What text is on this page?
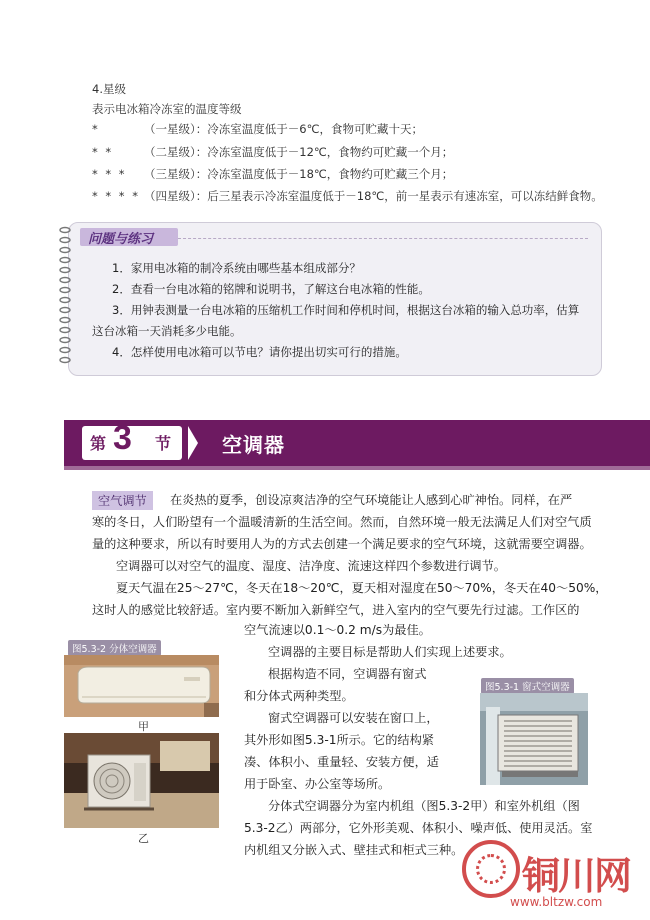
4.星级
表示电冰箱冷冻室的温度等级
*	（一星级）：冷冻室温度低于－6℃，食物可贮藏十天；
* *	（二星级）：冷冻室温度低于－12℃，食物约可贮藏一个月；
* * * （三星级）：冷冻室温度低于－18℃，食物约可贮藏三个月；
* * * * （四星级）：后三星表示冷冻室温度低于－18℃，前一星表示有速冻室，可以冻结鲜食物。
问题与练习
1．家用电冰箱的制冷系统由哪些基本组成部分？
2．查看一台电冰箱的铭牌和说明书，了解这台电冰箱的性能。
3．用钟表测量一台电冰箱的压缩机工作时间和停机时间，根据这台冰箱的输入总功率，估算
这台冰箱一天消耗多少电能。
4．怎样使用电冰箱可以节电？请你提出切实可行的措施。
第 3 节	空调器
空气调节	在炎热的夏季，创设凉爽洁净的空气环境能让人感到心旷神怡。同样，在严
寒的冬日，人们盼望有一个温暖清新的生活空间。然而，自然环境一般无法满足人们对空气质
量的这种要求，所以有时要用人为的方式去创建一个满足要求的空气环境，这就需要空调器。
空调器可以对空气的温度、湿度、洁净度、流速这样四个参数进行调节。
夏天气温在25～27℃，冬天在18～20℃，夏天相对湿度在50～70%，冬天在40～50%，
这时人的感觉比较舒适。室内要不断加入新鲜空气，进入室内的空气要先行过滤。工作区的
空气流速以0.1～0.2 m/s为最佳。
空调器的主要目标是帮助人们实现上述要求。
根据构造不同，空调器有窗式
和分体式两种类型。
窗式空调器可以安装在窗口上，
其外形如图5.3-1所示。它的结构紧
凑、体积小、重量轻、安装方便，适
用于卧室、办公室等场所。
分体式空调器分为室内机组（图5.3-2甲）和室外机组（图
5.3-2乙）两部分，它外形美观、体积小、噪声低、使用灵活。室
内机组又分嵌入式、壁挂式和柜式三种。
图5.3-2 分体空调器
甲
乙
图5.3-1 窗式空调器
铜川网
www.bltzw.com
